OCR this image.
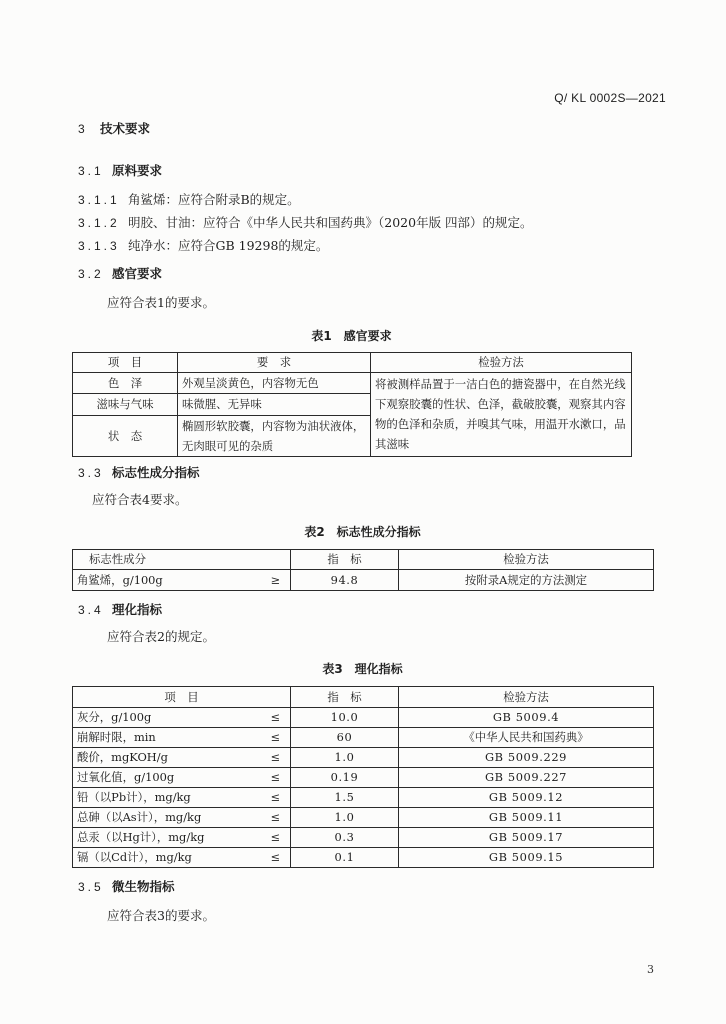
Q/ KL 0002S—2021
3 技术要求
3.1 原料要求
3.1.1 角鲨烯：应符合附录B的规定。
3.1.2 明胶、甘油：应符合《中华人民共和国药典》（2020年版 四部）的规定。
3.1.3 纯净水：应符合GB 19298的规定。
3.2 感官要求
应符合表1的要求。
表1 感官要求
项　目	要　求	检验方法
色　泽	外观呈淡黄色，内容物无色	将被测样品置于一洁白色的搪瓷器中，在自然光线下观察胶囊的性状、色泽，截破胶囊，观察其内容物的色泽和杂质，并嗅其气味，用温开水漱口，品其滋味
滋味与气味	味微腥、无异味	
状　态	椭圆形软胶囊，内容物为油状液体，无肉眼可见的杂质	
3.3 标志性成分指标
应符合表4要求。
表2 标志性成分指标
标志性成分		指　标	检验方法
角鲨烯，g/100g	≥	94.8	按附录A规定的方法测定
3.4 理化指标
应符合表2的规定。
表3 理化指标
项　目		指　标	检验方法
灰分，g/100g	≤	10.0	GB 5009.4
崩解时限，min	≤	60	《中华人民共和国药典》
酸价，mgKOH/g	≤	1.0	GB 5009.229
过氧化值，g/100g	≤	0.19	GB 5009.227
铅（以Pb计），mg/kg	≤	1.5	GB 5009.12
总砷（以As计），mg/kg	≤	1.0	GB 5009.11
总汞（以Hg计），mg/kg	≤	0.3	GB 5009.17
镉（以Cd计），mg/kg	≤	0.1	GB 5009.15
3.5 微生物指标
应符合表3的要求。
3
